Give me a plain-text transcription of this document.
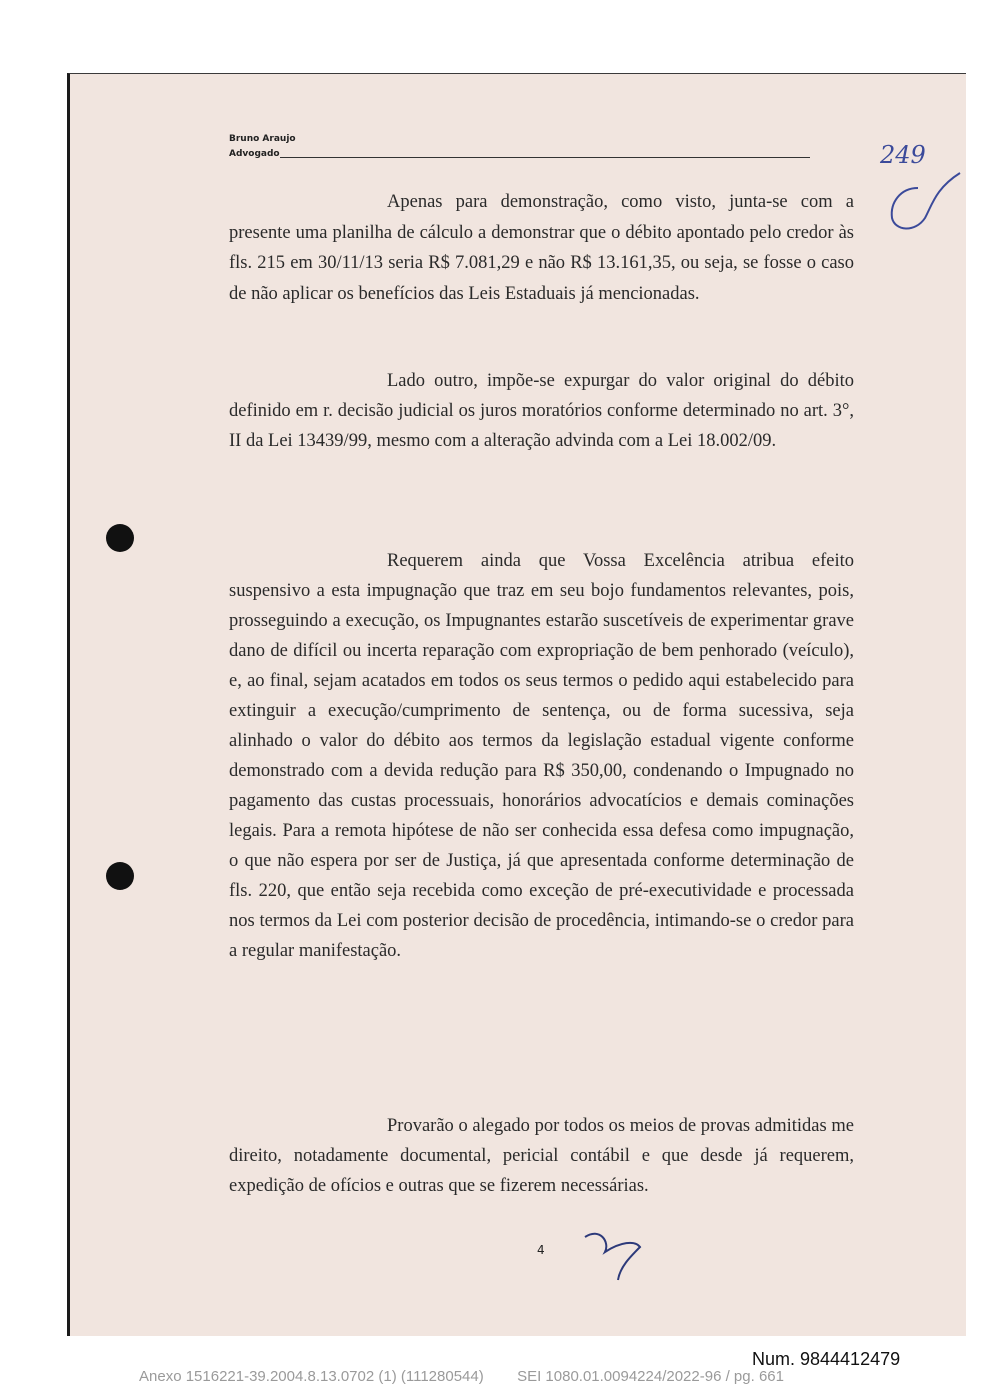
Bruno Araujo
Advogado	249

Apenas para demonstração, como visto, junta-se com a presente uma planilha de cálculo a demonstrar que o débito apontado pelo credor às fls. 215 em 30/11/13 seria R$ 7.081,29 e não R$ 13.161,35, ou seja, se fosse o caso de não aplicar os benefícios das Leis Estaduais já mencionadas.

Lado outro, impõe-se expurgar do valor original do débito definido em r. decisão judicial os juros moratórios conforme determinado no art. 3°, II da Lei 13439/99, mesmo com a alteração advinda com a Lei 18.002/09.

Requerem ainda que Vossa Excelência atribua efeito suspensivo a esta impugnação que traz em seu bojo fundamentos relevantes, pois, prosseguindo a execução, os Impugnantes estarão suscetíveis de experimentar grave dano de difícil ou incerta reparação com expropriação de bem penhorado (veículo), e, ao final, sejam acatados em todos os seus termos o pedido aqui estabelecido para extinguir a execução/cumprimento de sentença, ou de forma sucessiva, seja alinhado o valor do débito aos termos da legislação estadual vigente conforme demonstrado com a devida redução para R$ 350,00, condenando o Impugnado no pagamento das custas processuais, honorários advocatícios e demais cominações legais. Para a remota hipótese de não ser conhecida essa defesa como impugnação, o que não espera por ser de Justiça, já que apresentada conforme determinação de fls. 220, que então seja recebida como exceção de pré-executividade e processada nos termos da Lei com posterior decisão de procedência, intimando-se o credor para a regular manifestação.

Provarão o alegado por todos os meios de provas admitidas me direito, notadamente documental, pericial contábil e que desde já requerem, expedição de ofícios e outras que se fizerem necessárias.

4
Num. 9844412479
Anexo 1516221-39.2004.8.13.0702 (1) (111280544) SEI 1080.01.0094224/2022-96 / pg. 661
